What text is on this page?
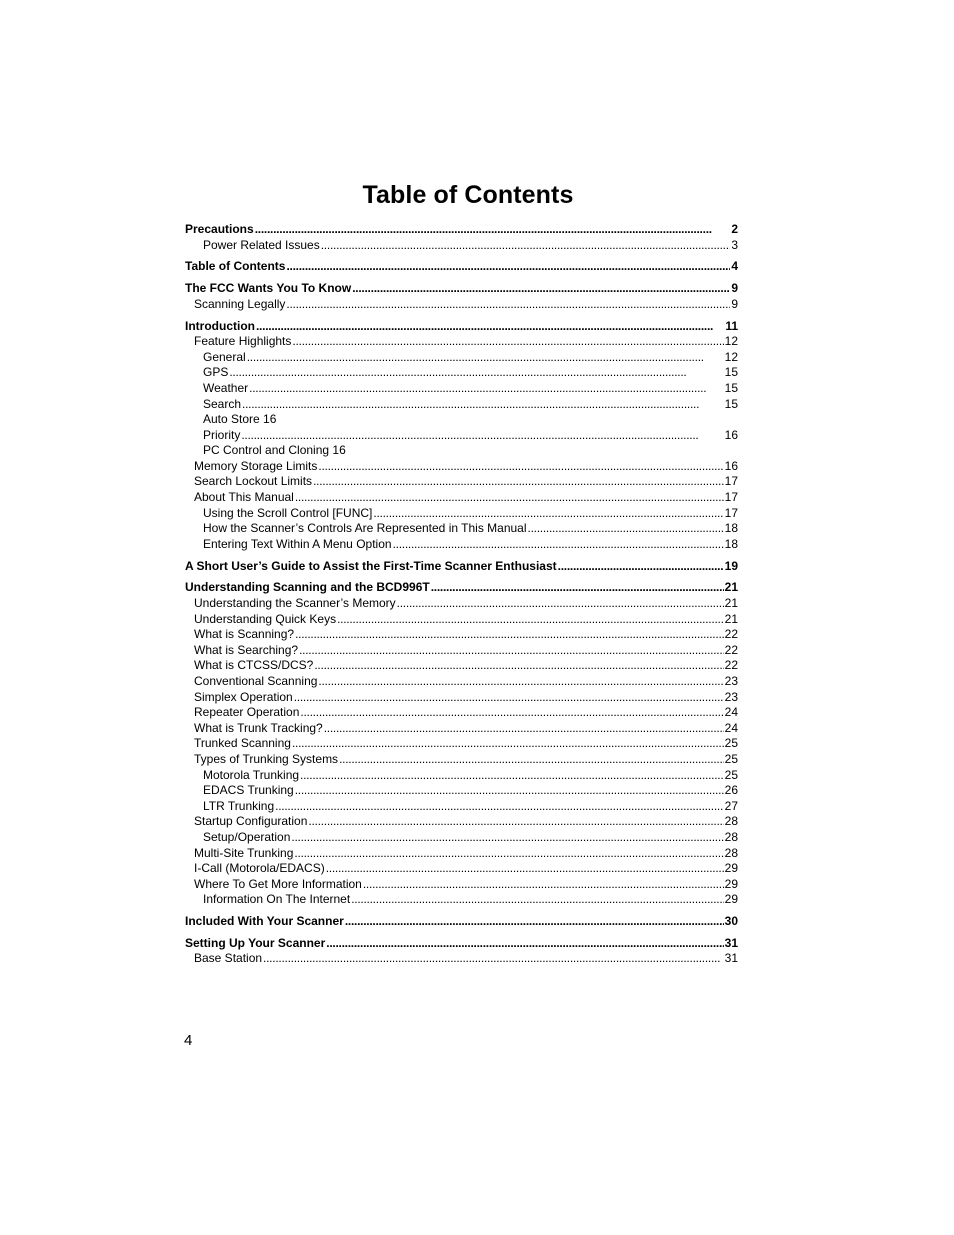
Table of Contents
Precautions . . .	2
Power Related Issues . . .	3
Table of Contents . . .	4
The FCC Wants You To Know . . .	9
Scanning Legally . . .	9
Introduction . . .	11
Feature Highlights . . .	12
General . . .	12
GPS . . .	15
Weather . . .	15
Search . . .	15
Auto Store 16
Priority . . .	16
PC Control and Cloning 16
Memory Storage Limits . . .	16
Search Lockout Limits . . .	17
About This Manual . . .	17
Using the Scroll Control [FUNC] . . .	17
How the Scanner’s Controls Are Represented in This Manual . . .	18
Entering Text Within A Menu Option . . .	18
A Short User’s Guide to Assist the First-Time Scanner Enthusiast . . .	19
Understanding Scanning and the BCD996T . . .	21
Understanding the Scanner’s Memory . . .	21
Understanding Quick Keys . . .	21
What is Scanning? . . .	22
What is Searching? . . .	22
What is CTCSS/DCS? . . .	22
Conventional Scanning . . .	23
Simplex Operation . . .	23
Repeater Operation . . .	24
What is Trunk Tracking? . . .	24
Trunked Scanning . . .	25
Types of Trunking Systems . . .	25
Motorola Trunking . . .	25
EDACS Trunking . . .	26
LTR Trunking . . .	27
Startup Configuration . . .	28
Setup/Operation . . .	28
Multi-Site Trunking . . .	28
I-Call (Motorola/EDACS) . . .	29
Where To Get More Information . . .	29
Information On The Internet . . .	29
Included With Your Scanner . . .	30
Setting Up Your Scanner . . .	31
Base Station . . .	31

4
